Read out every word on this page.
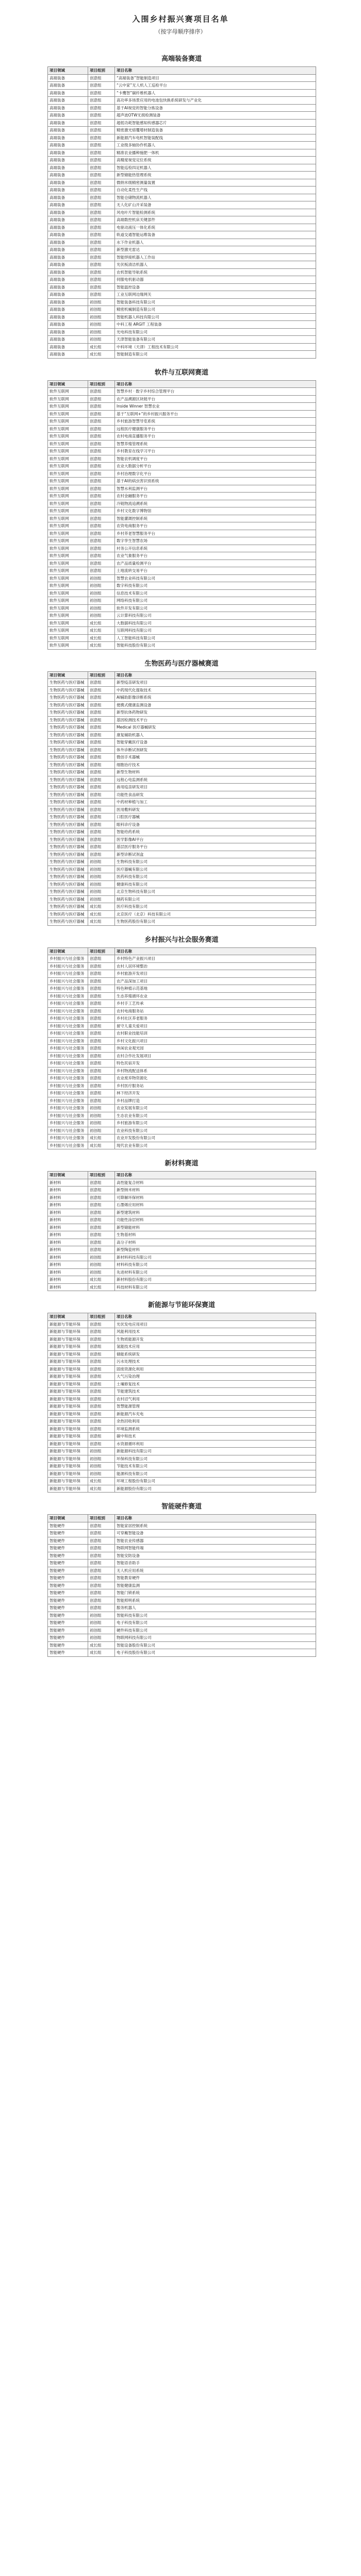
入围乡村振兴赛项目名单
（按字母顺序排序）
高端装备赛道
项目领域	项目组别	项目名称
高端装备	创意组	“高端装备”智能制造项目
高端装备	创意组	“云中家”无人机人工巡检平台
高端装备	创意组	“卡鹰智”碳纤维机器人
高端装备	创意组	高功率多场景应用的电池包快换系统研发与产业化
高端装备	创意组	基于AI视觉的智能分拣设备
高端装备	创意组	超声波OTW无损检测装备
高端装备	创意组	超低功耗智能感知传感器芯片
高端装备	创意组	精密激光熔覆增材制造装备
高端装备	创意组	新能源汽车电机智能装配线
高端装备	创意组	工业级多轴协作机器人
高端装备	创意组	精准农业播种施肥一体机
高端装备	创意组	高精度视觉定位系统
高端装备	创意组	智能巡检四足机器人
高端装备	创意组	新型储能热管理系统
高端装备	创意组	微纳米级精密测量装置
高端装备	创意组	自动化柔性生产线
高端装备	创意组	智能仓储物流机器人
高端装备	创意组	无人化矿山开采装备
高端装备	创意组	风电叶片智能检测系统
高端装备	创意组	高端数控机床关键部件
高端装备	创意组	电驱动液压一体化系统
高端装备	创意组	轨道交通智能运维装备
高端装备	创意组	水下作业机器人
高端装备	创意组	新型激光雷达
高端装备	创意组	智能焊接机器人工作站
高端装备	创意组	光伏板清洁机器人
高端装备	创意组	农机智能导航系统
高端装备	创意组	伺服电机驱动器
高端装备	创意组	智能温控设备
高端装备	创意组	工业互联网边缘网关
高端装备	初创组	智能装备科技有限公司
高端装备	初创组	精密机械制造有限公司
高端装备	初创组	智能机器人科技有限公司
高端装备	初创组	中科工程 ARGIT 工程装备
高端装备	初创组	光电科技有限公司
高端装备	初创组	天津智能装备有限公司
高端装备	成长组	中科环境（天津）工程技术有限公司
高端装备	成长组	智能制造有限公司
软件与互联网赛道
项目领域	项目组别	项目名称
软件互联网	创意组	智慧乡村 · 数字乡村综合管理平台
软件互联网	创意组	农产品溯源区块链平台
软件互联网	创意组	Inside Winner 智慧农业
软件互联网	创意组	基于“互联网+”的乡村振兴服务平台
软件互联网	创意组	乡村旅游智慧导览系统
软件互联网	创意组	远程医疗健康服务平台
软件互联网	创意组	农村电商直播服务平台
软件互联网	创意组	智慧养殖管理系统
软件互联网	创意组	乡村教育在线学习平台
软件互联网	创意组	智能农机调度平台
软件互联网	创意组	农业大数据分析平台
软件互联网	创意组	乡村治理数字化平台
软件互联网	创意组	基于AI的病虫害识别系统
软件互联网	创意组	智慧水利监测平台
软件互联网	创意组	农村金融服务平台
软件互联网	创意组	冷链物流追溯系统
软件互联网	创意组	乡村文化数字博物馆
软件互联网	创意组	智能灌溉控制系统
软件互联网	创意组	农资电商服务平台
软件互联网	创意组	乡村养老智慧服务平台
软件互联网	创意组	数字孪生智慧农场
软件互联网	创意组	村务公开信息系统
软件互联网	创意组	农业气象服务平台
软件互联网	创意组	农产品质量检测平台
软件互联网	创意组	土地流转交易平台
软件互联网	初创组	智慧农业科技有限公司
软件互联网	初创组	数字科技有限公司
软件互联网	初创组	信息技术有限公司
软件互联网	初创组	网络科技有限公司
软件互联网	初创组	软件开发有限公司
软件互联网	初创组	云计算科技有限公司
软件互联网	成长组	大数据科技有限公司
软件互联网	成长组	互联网科技有限公司
软件互联网	成长组	人工智能科技有限公司
软件互联网	成长组	智能科技股份有限公司
生物医药与医疗器械赛道
项目领域	项目组别	项目名称
生物医药与医疗器械	创意组	新型疫苗研发项目
生物医药与医疗器械	创意组	中药现代化提取技术
生物医药与医疗器械	创意组	AI辅助影像诊断系统
生物医药与医疗器械	创意组	便携式健康监测设备
生物医药与医疗器械	创意组	新型抗体药物研发
生物医药与医疗器械	创意组	基因检测技术平台
生物医药与医疗器械	创意组	Medical 医疗器械研发
生物医药与医疗器械	创意组	康复辅助机器人
生物医药与医疗器械	创意组	智能穿戴医疗设备
生物医药与医疗器械	创意组	体外诊断试剂研发
生物医药与医疗器械	创意组	微创手术器械
生物医药与医疗器械	创意组	细胞治疗技术
生物医药与医疗器械	创意组	新型生物材料
生物医药与医疗器械	创意组	远程心电监测系统
生物医药与医疗器械	创意组	兽用疫苗研发项目
生物医药与医疗器械	创意组	功能性食品研发
生物医药与医疗器械	创意组	中药材种植与加工
生物医药与医疗器械	创意组	医用敷料研发
生物医药与医疗器械	创意组	口腔医疗器械
生物医药与医疗器械	创意组	眼科诊疗设备
生物医药与医疗器械	创意组	智能给药系统
生物医药与医疗器械	创意组	医学影像AI平台
生物医药与医疗器械	创意组	基层医疗服务平台
生物医药与医疗器械	创意组	新型诊断试剂盒
生物医药与医疗器械	初创组	生物科技有限公司
生物医药与医疗器械	初创组	医疗器械有限公司
生物医药与医疗器械	初创组	医药科技有限公司
生物医药与医疗器械	初创组	健康科技有限公司
生物医药与医疗器械	初创组	北京生物科技有限公司
生物医药与医疗器械	初创组	制药有限公司
生物医药与医疗器械	成长组	医疗科技有限公司
生物医药与医疗器械	成长组	北京医疗（北京）科技有限公司
生物医药与医疗器械	成长组	生物医药股份有限公司
乡村振兴与社会服务赛道
项目领域	项目组别	项目名称
乡村振兴与社会服务	创意组	乡村特色产业振兴项目
乡村振兴与社会服务	创意组	农村人居环境整治
乡村振兴与社会服务	创意组	乡村旅游开发项目
乡村振兴与社会服务	创意组	农产品深加工项目
乡村振兴与社会服务	创意组	特色种植示范基地
乡村振兴与社会服务	创意组	生态养殖循环农业
乡村振兴与社会服务	创意组	乡村手工艺传承
乡村振兴与社会服务	创意组	农村电商服务站
乡村振兴与社会服务	创意组	乡村社区养老服务
乡村振兴与社会服务	创意组	留守儿童关爱项目
乡村振兴与社会服务	创意组	农村职业技能培训
乡村振兴与社会服务	创意组	乡村文化振兴项目
乡村振兴与社会服务	创意组	休闲农业观光园
乡村振兴与社会服务	创意组	农村合作社发展项目
乡村振兴与社会服务	创意组	特色民宿开发
乡村振兴与社会服务	创意组	乡村物流配送体系
乡村振兴与社会服务	创意组	农业废弃物资源化
乡村振兴与社会服务	创意组	乡村医疗服务站
乡村振兴与社会服务	创意组	林下经济开发
乡村振兴与社会服务	创意组	乡村品牌打造
乡村振兴与社会服务	初创组	农业发展有限公司
乡村振兴与社会服务	初创组	生态农业有限公司
乡村振兴与社会服务	初创组	乡村旅游有限公司
乡村振兴与社会服务	初创组	农业科技有限公司
乡村振兴与社会服务	成长组	农业开发股份有限公司
乡村振兴与社会服务	成长组	现代农业有限公司
新材料赛道
项目领域	项目组别	项目名称
新材料	创意组	高性能复合材料
新材料	创意组	新型纳米材料
新材料	创意组	可降解环保材料
新材料	创意组	石墨烯应用材料
新材料	创意组	新型建筑材料
新材料	创意组	功能性涂层材料
新材料	创意组	新型储能材料
新材料	创意组	生物基材料
新材料	创意组	高分子材料
新材料	创意组	新型陶瓷材料
新材料	初创组	新材料科技有限公司
新材料	初创组	材料科技有限公司
新材料	初创组	先进材料有限公司
新材料	成长组	新材料股份有限公司
新材料	成长组	科技材料有限公司
新能源与节能环保赛道
项目领域	项目组别	项目名称
新能源与节能环保	创意组	光伏发电应用项目
新能源与节能环保	创意组	风能利用技术
新能源与节能环保	创意组	生物质能源开发
新能源与节能环保	创意组	氢能技术应用
新能源与节能环保	创意组	储能系统研发
新能源与节能环保	创意组	污水处理技术
新能源与节能环保	创意组	固废资源化利用
新能源与节能环保	创意组	大气污染治理
新能源与节能环保	创意组	土壤修复技术
新能源与节能环保	创意组	节能建筑技术
新能源与节能环保	创意组	农村沼气利用
新能源与节能环保	创意组	智慧能源管理
新能源与节能环保	创意组	新能源汽车充电
新能源与节能环保	创意组	余热回收利用
新能源与节能环保	创意组	环境监测系统
新能源与节能环保	创意组	碳中和技术
新能源与节能环保	创意组	水资源循环利用
新能源与节能环保	初创组	新能源科技有限公司
新能源与节能环保	初创组	环保科技有限公司
新能源与节能环保	初创组	节能技术有限公司
新能源与节能环保	初创组	能源科技有限公司
新能源与节能环保	成长组	环境工程股份有限公司
新能源与节能环保	成长组	新能源股份有限公司
智能硬件赛道
项目领域	项目组别	项目名称
智能硬件	创意组	智能家居控制系统
智能硬件	创意组	可穿戴智能设备
智能硬件	创意组	智能农业传感器
智能硬件	创意组	物联网智能终端
智能硬件	创意组	智能安防设备
智能硬件	创意组	智能语音助手
智能硬件	创意组	无人机应用系统
智能硬件	创意组	智能教育硬件
智能硬件	创意组	智能健康监测
智能硬件	创意组	智能门锁系统
智能硬件	创意组	智能照明系统
智能硬件	创意组	服务机器人
智能硬件	初创组	智能科技有限公司
智能硬件	初创组	电子科技有限公司
智能硬件	初创组	硬件科技有限公司
智能硬件	初创组	物联网科技有限公司
智能硬件	成长组	智能设备股份有限公司
智能硬件	成长组	电子科技股份有限公司
